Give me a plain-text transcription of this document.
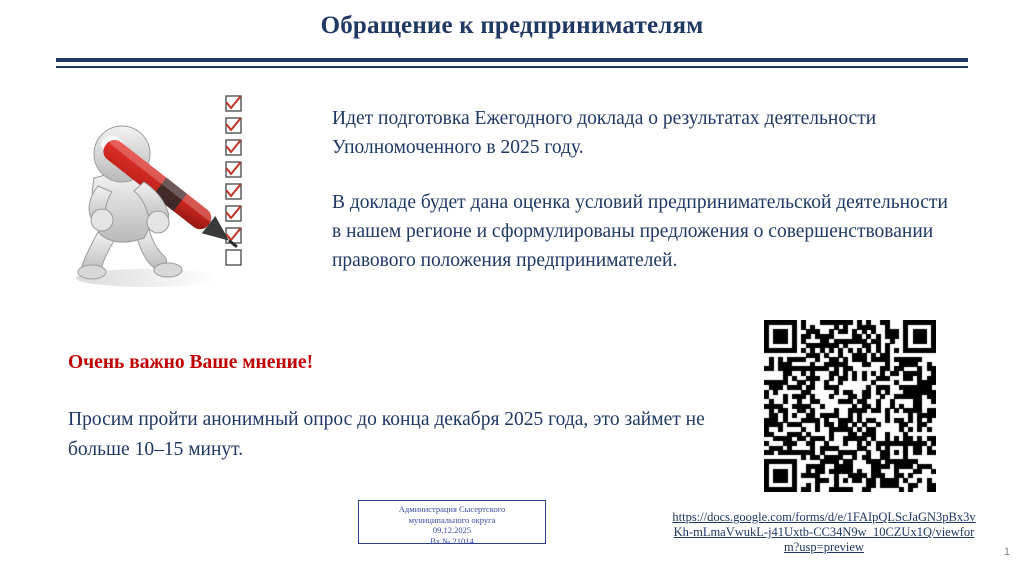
Обращение к предпринимателям

Идет подготовка Ежегодного доклада о результатах деятельности Уполномоченного в 2025 году.

В докладе будет дана оценка условий предпринимательской деятельности в нашем регионе и сформулированы предложения о совершенствовании правового положения предпринимателей.

Очень важно Ваше мнение!
Просим пройти анонимный опрос до конца декабря 2025 года, это займет не больше 10–15 минут.
https://docs.google.com/forms/d/e/1FAIpQLScJaGN3pBx3vKh-mLmaVwukL-j41Uxtb-CC34N9w_10CZUx1Q/viewform?usp=preview
Администрация Сысертского
муниципального округа
09.12.2025
Вх.№ 21014
1
